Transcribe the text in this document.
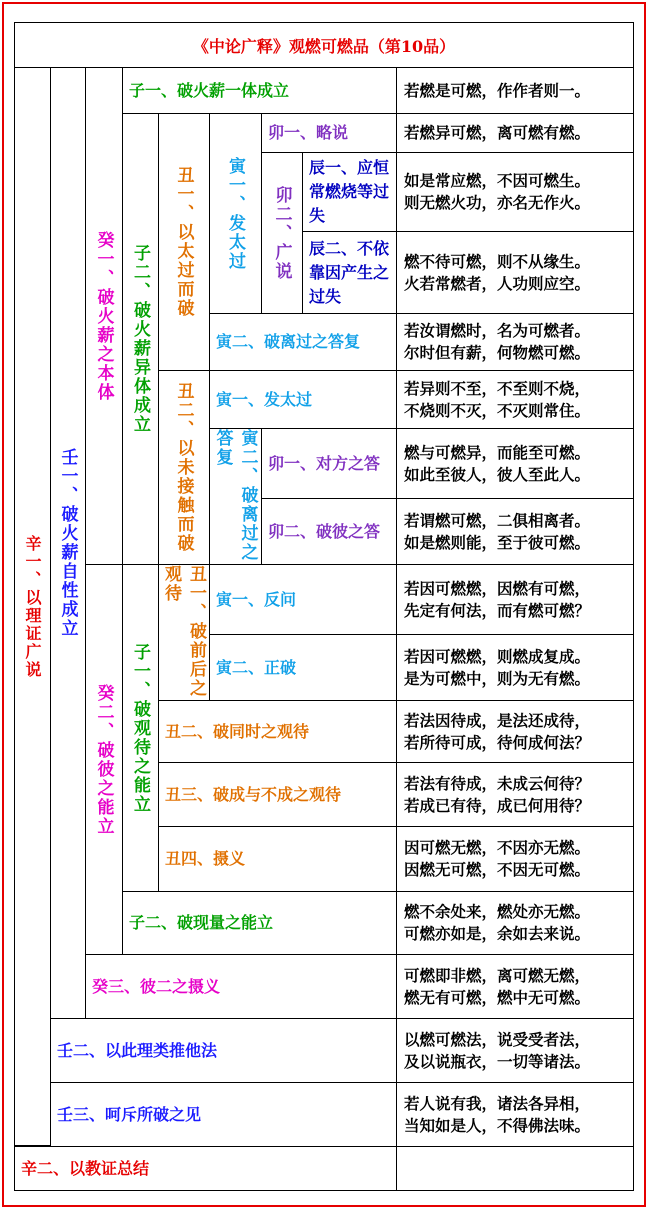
《中论广释》观燃可燃品（第10品）
辛一、以理证广说 壬一、破火薪自性成立
癸一、破火薪之本体
癸二、破彼之能立
子一、破火薪一体成立
子二、破火薪异体成立
子一、破观待之能立
子二、破现量之能立
丑一、以太过而破
丑二、以未接触而破
丑一、破前后之观待
丑二、破同时之观待
丑三、破成与不成之观待
丑四、摄义
寅一、发太过
寅二、破离过之答复
寅一、发太过
寅二、破离过之答复
寅一、反问
寅二、正破
卯一、略说
卯二、广说
卯一、对方之答
卯二、破彼之答
辰一、应恒常燃烧等过失
辰二、不依靠因产生之过失
癸三、彼二之摄义
壬二、以此理类推他法
壬三、呵斥所破之见
辛二、以教证总结
若燃是可燃，作作者则一。
若燃异可燃，离可燃有燃。
如是常应燃，不因可燃生。
则无燃火功，亦名无作火。
燃不待可燃，则不从缘生。
火若常燃者，人功则应空。
若汝谓燃时，名为可燃者。
尔时但有薪，何物燃可燃。
若异则不至，不至则不烧，
不烧则不灭，不灭则常住。
燃与可燃异，而能至可燃。
如此至彼人，彼人至此人。
若谓燃可燃，二俱相离者。
如是燃则能，至于彼可燃。
若因可燃燃，因燃有可燃，
先定有何法，而有燃可燃？
若因可燃燃，则燃成复成。
是为可燃中，则为无有燃。
若法因待成，是法还成待，
若所待可成，待何成何法？
若法有待成，未成云何待？
若成已有待，成已何用待？
因可燃无燃，不因亦无燃。
因燃无可燃，不因无可燃。
燃不余处来，燃处亦无燃。
可燃亦如是，余如去来说。
可燃即非燃，离可燃无燃，
燃无有可燃，燃中无可燃。
以燃可燃法，说受受者法，
及以说瓶衣，一切等诸法。
若人说有我，诸法各异相，
当知如是人，不得佛法味。
